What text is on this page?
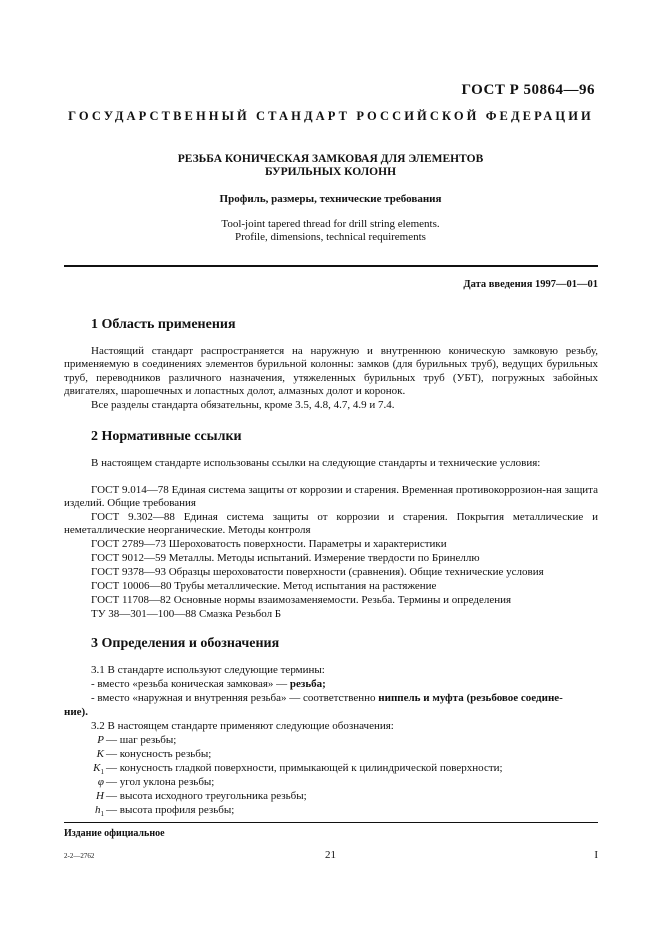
ГОСТ Р 50864—96
ГОСУДАРСТВЕННЫЙ СТАНДАРТ РОССИЙСКОЙ ФЕДЕРАЦИИ
РЕЗЬБА КОНИЧЕСКАЯ ЗАМКОВАЯ ДЛЯ ЭЛЕМЕНТОВ
БУРИЛЬНЫХ КОЛОНН
Профиль, размеры, технические требования
Tool-joint tapered thread for drill string elements.
Profile, dimensions, technical requirements
Дата введения 1997—01—01
1 Область применения
Настоящий стандарт распространяется на наружную и внутреннюю коническую замковую резьбу, применяемую в соединениях элементов бурильной колонны: замков (для бурильных труб), ведущих бурильных труб, переводников различного назначения, утяжеленных бурильных труб (УБТ), погружных забойных двигателях, шарошечных и лопастных долот, алмазных долот и коронок.
Все разделы стандарта обязательны, кроме 3.5, 4.8, 4.7, 4.9 и 7.4.
2 Нормативные ссылки
В настоящем стандарте использованы ссылки на следующие стандарты и технические условия:
ГОСТ 9.014—78 Единая система защиты от коррозии и старения. Временная противокоррозион-ная защита изделий. Общие требования
ГОСТ 9.302—88 Единая система защиты от коррозии и старения. Покрытия металлические и неметаллические неорганические. Методы контроля
ГОСТ 2789—73 Шероховатость поверхности. Параметры и характеристики
ГОСТ 9012—59 Металлы. Методы испытаний. Измерение твердости по Бринеллю
ГОСТ 9378—93 Образцы шероховатости поверхности (сравнения). Общие технические условия
ГОСТ 10006—80 Трубы металлические. Метод испытания на растяжение
ГОСТ 11708—82 Основные нормы взаимозаменяемости. Резьба. Термины и определения
ТУ 38—301—100—88 Смазка Резьбол Б
3 Определения и обозначения
3.1 В стандарте используют следующие термины:
- вместо «резьба коническая замковая» — резьба;
- вместо «наружная и внутренняя резьба» — соответственно ниппель и муфта (резьбовое соедине-
ние).
3.2 В настоящем стандарте применяют следующие обозначения:
P — шаг резьбы;
K — конусность резьбы;
$K_1$ — конусность гладкой поверхности, примыкающей к цилиндрической поверхности;
φ — угол уклона резьбы;
H — высота исходного треугольника резьбы;
$h_1$ — высота профиля резьбы;
Издание официальное
2-2—2762	21	I
